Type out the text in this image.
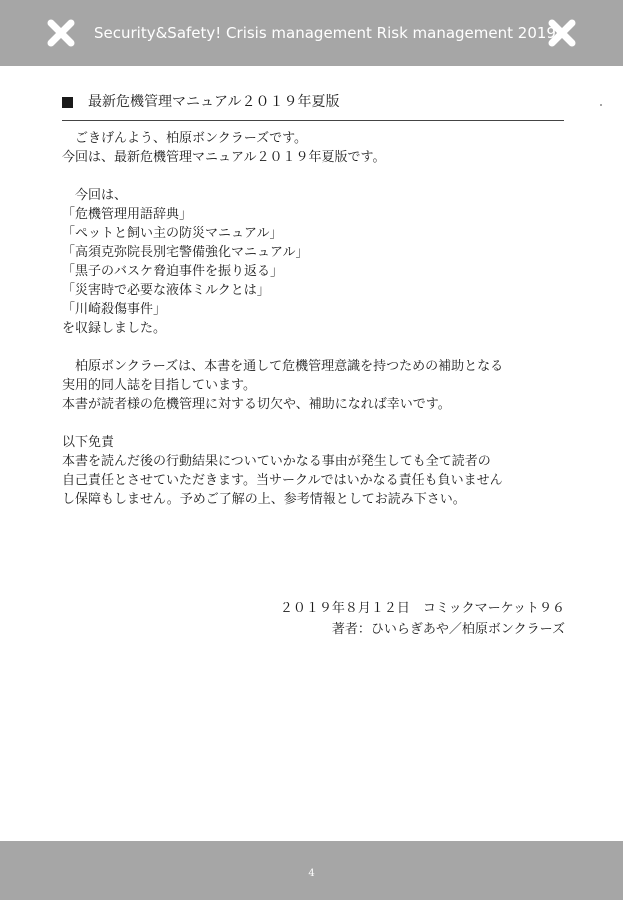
Security&Safety! Crisis management Risk management 2019
最新危機管理マニュアル２０１９年夏版
　ごきげんよう、柏原ボンクラーズです。
今回は、最新危機管理マニュアル２０１９年夏版です。
　今回は、
「危機管理用語辞典」
「ペットと飼い主の防災マニュアル」
「高須克弥院長別宅警備強化マニュアル」
「黒子のバスケ脅迫事件を振り返る」
「災害時で必要な液体ミルクとは」
「川崎殺傷事件」
を収録しました。
　柏原ボンクラーズは、本書を通して危機管理意識を持つための補助となる
実用的同人誌を目指しています。
本書が読者様の危機管理に対する切欠や、補助になれば幸いです。
以下免責
本書を読んだ後の行動結果についていかなる事由が発生しても全て読者の
自己責任とさせていただきます。当サークルではいかなる責任も負いません
し保障もしません。予めご了解の上、参考情報としてお読み下さい。
２０１９年８月１２日　コミックマーケット９６
著者：ひいらぎあや／柏原ボンクラーズ
4
